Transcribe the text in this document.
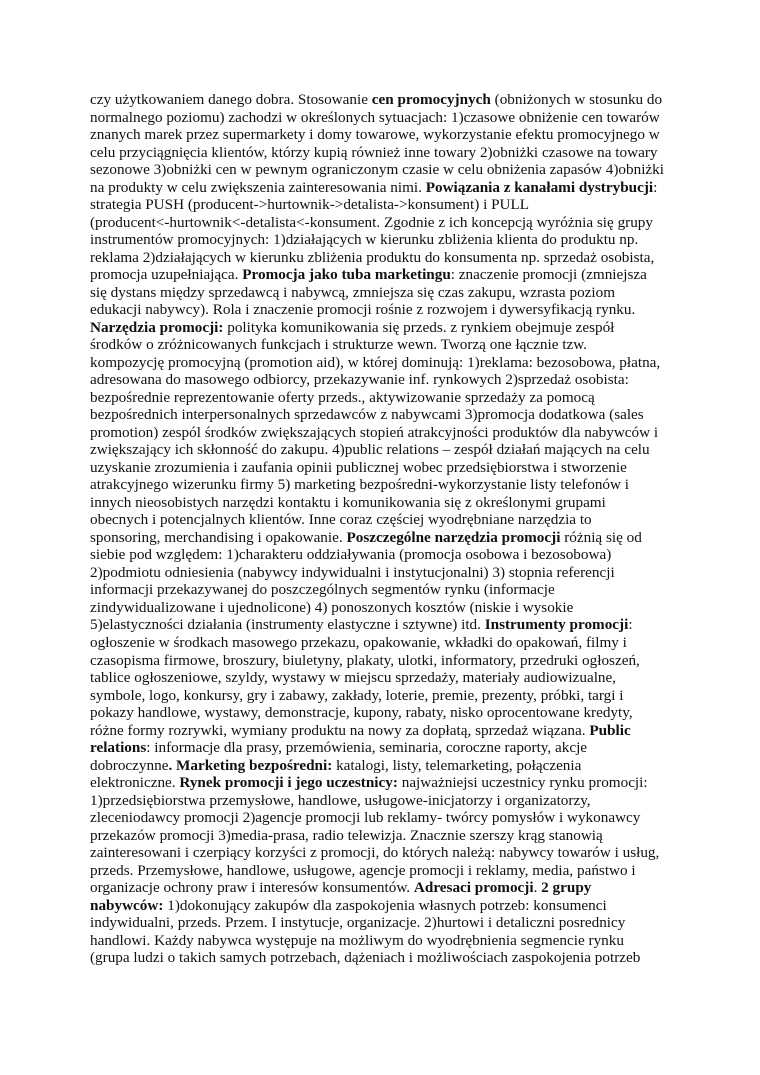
czy użytkowaniem danego dobra. Stosowanie cen promocyjnych (obniżonych w stosunku do
normalnego poziomu) zachodzi w określonych sytuacjach: 1)czasowe obniżenie cen towarów
znanych marek przez supermarkety i domy towarowe, wykorzystanie efektu promocyjnego w
celu przyciągnięcia klientów, którzy kupią również inne towary 2)obniżki czasowe na towary
sezonowe 3)obniżki cen w pewnym ograniczonym czasie w celu obniżenia zapasów 4)obniżki
na produkty w celu zwiększenia zainteresowania nimi. Powiązania z kanałami dystrybucji:
strategia PUSH (producent->hurtownik->detalista->konsument) i PULL
(producent<-hurtownik<-detalista<-konsument. Zgodnie z ich koncepcją wyróżnia się grupy
instrumentów promocyjnych: 1)działających w kierunku zbliżenia klienta do produktu np.
reklama 2)działających w kierunku zbliżenia produktu do konsumenta np. sprzedaż osobista,
promocja uzupełniająca. Promocja jako tuba marketingu: znaczenie promocji (zmniejsza
się dystans między sprzedawcą i nabywcą, zmniejsza się czas zakupu, wzrasta poziom
edukacji nabywcy). Rola i znaczenie promocji rośnie z rozwojem i dywersyfikacją rynku.
Narzędzia promocji: polityka komunikowania się przeds. z rynkiem obejmuje zespół
środków o zróżnicowanych funkcjach i strukturze wewn. Tworzą one łącznie tzw.
kompozycję promocyjną (promotion aid), w której dominują: 1)reklama: bezosobowa, płatna,
adresowana do masowego odbiorcy, przekazywanie inf. rynkowych 2)sprzedaż osobista:
bezpośrednie reprezentowanie oferty przeds., aktywizowanie sprzedaży za pomocą
bezpośrednich interpersonalnych sprzedawców z nabywcami 3)promocja dodatkowa (sales
promotion) zespól środków zwiększających stopień atrakcyjności produktów dla nabywców i
zwiększający ich skłonność do zakupu. 4)public relations – zespół działań mających na celu
uzyskanie zrozumienia i zaufania opinii publicznej wobec przedsiębiorstwa i stworzenie
atrakcyjnego wizerunku firmy 5) marketing bezpośredni-wykorzystanie listy telefonów i
innych nieosobistych narzędzi kontaktu i komunikowania się z określonymi grupami
obecnych i potencjalnych klientów. Inne coraz częściej wyodrębniane narzędzia to
sponsoring, merchandising i opakowanie. Poszczególne narzędzia promocji różnią się od
siebie pod względem: 1)charakteru oddziaływania (promocja osobowa i bezosobowa)
2)podmiotu odniesienia (nabywcy indywidualni i instytucjonalni) 3) stopnia referencji
informacji przekazywanej do poszczególnych segmentów rynku (informacje
zindywidualizowane i ujednolicone) 4) ponoszonych kosztów (niskie i wysokie
5)elastyczności działania (instrumenty elastyczne i sztywne) itd. Instrumenty promocji:
ogłoszenie w środkach masowego przekazu, opakowanie, wkładki do opakowań, filmy i
czasopisma firmowe, broszury, biuletyny, plakaty, ulotki, informatory, przedruki ogłoszeń,
tablice ogłoszeniowe, szyldy, wystawy w miejscu sprzedaży, materiały audiowizualne,
symbole, logo, konkursy, gry i zabawy, zakłady, loterie, premie, prezenty, próbki, targi i
pokazy handlowe, wystawy, demonstracje, kupony, rabaty, nisko oprocentowane kredyty,
różne formy rozrywki, wymiany produktu na nowy za dopłatą, sprzedaż wiązana. Public
relations: informacje dla prasy, przemówienia, seminaria, coroczne raporty, akcje
dobroczynne. Marketing bezpośredni: katalogi, listy, telemarketing, połączenia
elektroniczne. Rynek promocji i jego uczestnicy: najważniejsi uczestnicy rynku promocji:
1)przedsiębiorstwa przemysłowe, handlowe, usługowe-inicjatorzy i organizatorzy,
zleceniodawcy promocji 2)agencje promocji lub reklamy- twórcy pomysłów i wykonawcy
przekazów promocji 3)media-prasa, radio telewizja. Znacznie szerszy krąg stanowią
zainteresowani i czerpiący korzyści z promocji, do których należą: nabywcy towarów i usług,
przeds. Przemysłowe, handlowe, usługowe, agencje promocji i reklamy, media, państwo i
organizacje ochrony praw i interesów konsumentów. Adresaci promocji. 2 grupy
nabywców: 1)dokonujący zakupów dla zaspokojenia własnych potrzeb: konsumenci
indywidualni, przeds. Przem. I instytucje, organizacje. 2)hurtowi i detaliczni posrednicy
handlowi. Każdy nabywca występuje na możliwym do wyodrębnienia segmencie rynku
(grupa ludzi o takich samych potrzebach, dążeniach i możliwościach zaspokojenia potrzeb
